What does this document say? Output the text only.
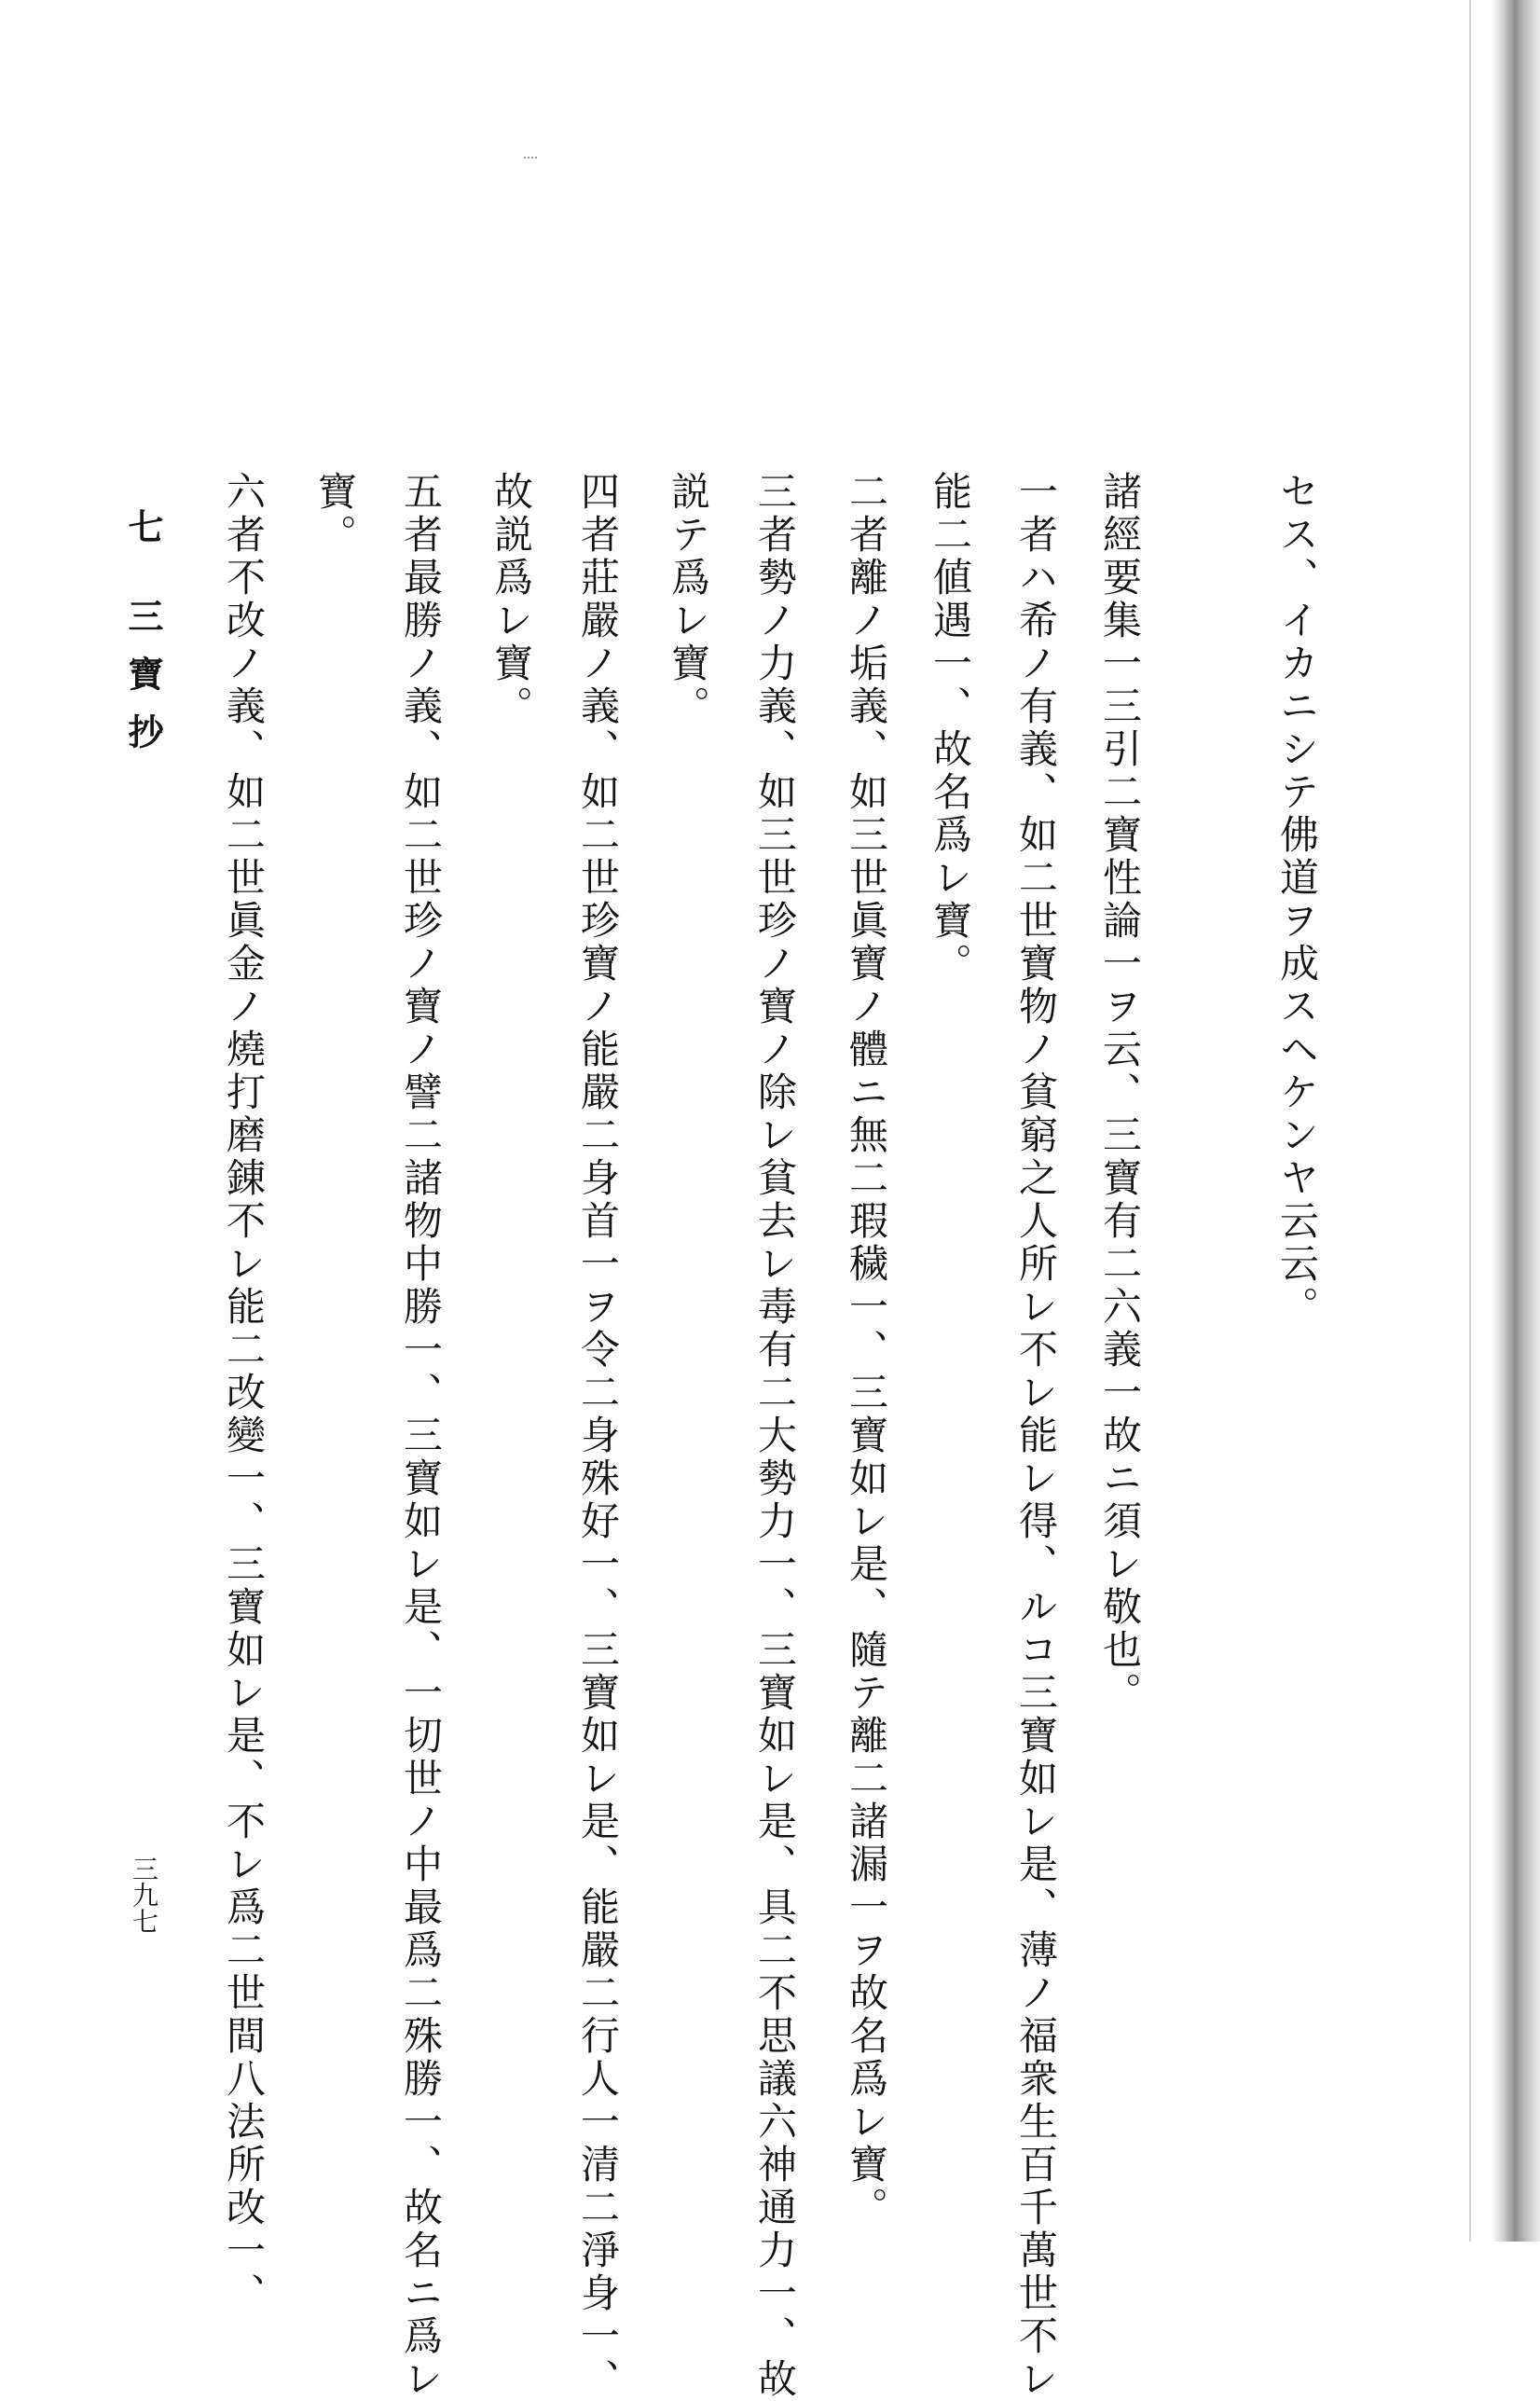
セス、イカニシテ佛道ヲ成スヘケンヤ云云。
諸經要集一三引二寶性論一ヲ云、三寶有二六義一故ニ須レ敬也。
一者ハ希ノ有義、如二世寶物ノ貧窮之人所レ不レ能レ得、ルコ三寶如レ是、薄ノ福衆生百千萬世不レ
能二値遇一、故名爲レ寶。
二者離ノ垢義、如三世眞寶ノ體ニ無二瑕穢一、三寶如レ是、隨テ離二諸漏一ヲ故名爲レ寶。
三者勢ノ力義、如三世珍ノ寶ノ除レ貧去レ毒有二大勢力一、三寶如レ是、具二不思議六神通力一、故
説テ爲レ寶。
四者莊嚴ノ義、如二世珍寶ノ能嚴二身首一ヲ令二身殊好一、三寶如レ是、能嚴二行人一清二淨身一、
故説爲レ寶。
五者最勝ノ義、如二世珍ノ寶ノ譬二諸物中勝一、三寶如レ是、一切世ノ中最爲二殊勝一、故名ニ爲レ
寶。
六者不改ノ義、如二世眞金ノ燒打磨錬不レ能二改變一、三寶如レ是、不レ爲二世間八法所改一、
七三寶抄
三九七
